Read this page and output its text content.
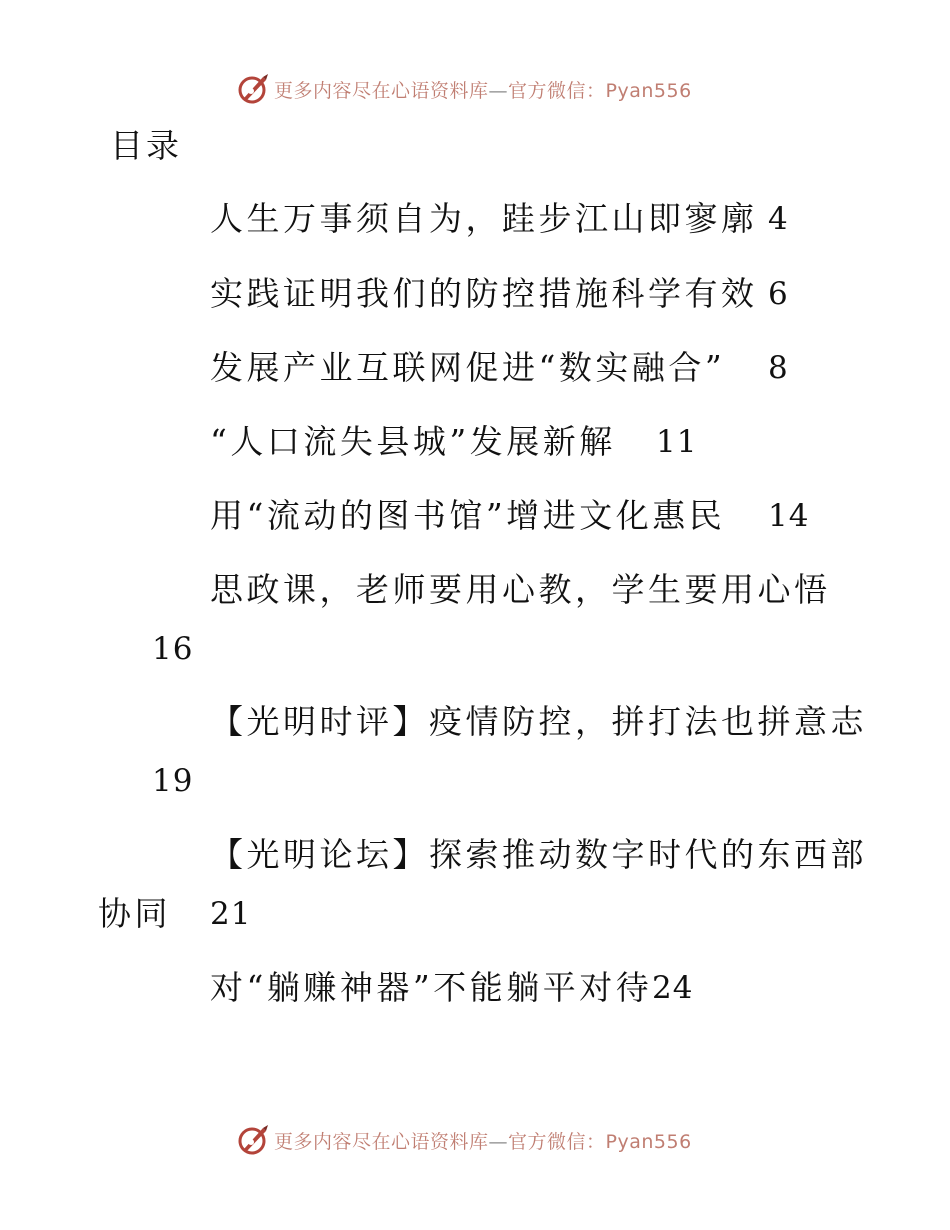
更多内容尽在心语资料库—官方微信：Pyan556
目录
人生万事须自为，跬步江山即寥廓 4
实践证明我们的防控措施科学有效 6
发展产业互联网促进“数实融合” 8
“人口流失县城”发展新解 11
用“流动的图书馆”增进文化惠民 14
思政课，老师要用心教，学生要用心悟
16
【光明时评】疫情防控，拼打法也拼意志
19
【光明论坛】探索推动数字时代的东西部
协同 21
对“躺赚神器”不能躺平对待 24
更多内容尽在心语资料库—官方微信：Pyan556
